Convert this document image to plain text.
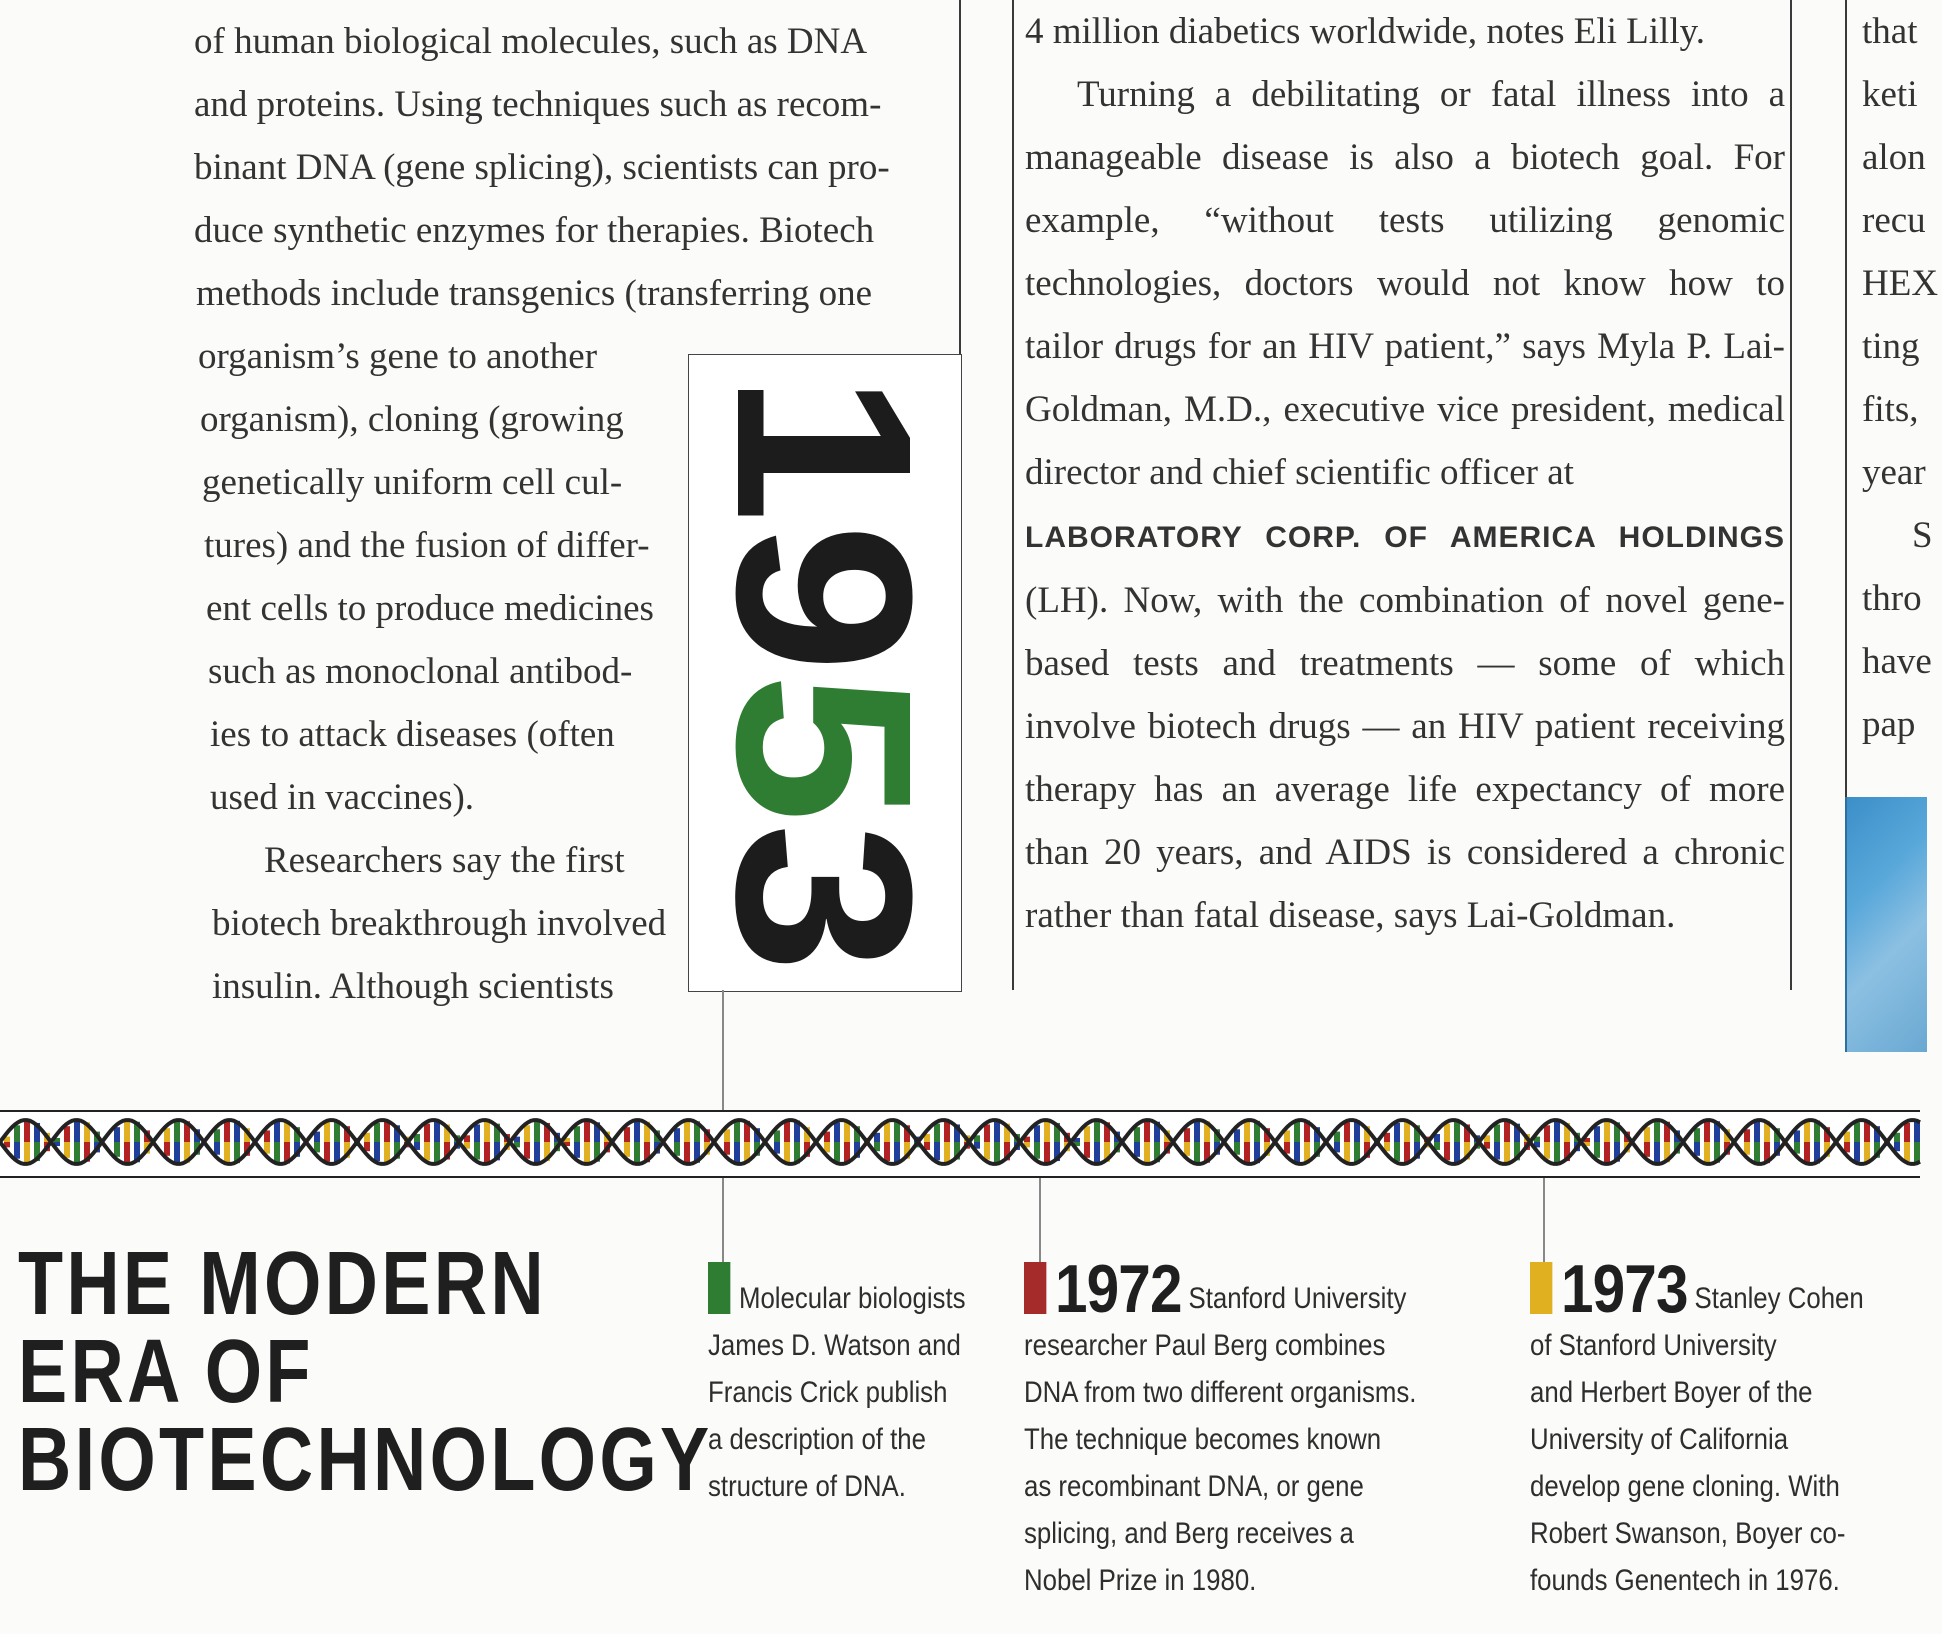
of human biological molecules, such as DNA

and proteins. Using techniques such as recom-

binant DNA (gene splicing), scientists can pro-

duce synthetic enzymes for therapies. Biotech

methods include transgenics (transferring one

organism’s gene to another

organism), cloning (growing

genetically uniform cell cul-

tures) and the fusion of differ-

ent cells to produce medicines

such as monoclonal antibod-

ies to attack diseases (often

used in vaccines).

Researchers say the first

biotech breakthrough involved

insulin. Although scientists

1953

4 million diabetics worldwide, notes Eli Lilly.

Turning a debilitating or fatal illness into a manageable disease is also a biotech goal. For example, “without tests utilizing genomic technologies, doctors would not know how to tailor drugs for an HIV patient,” says Myla P. Lai-Goldman, M.D., executive vice president, medical director and chief scientific officer at
LABORATORY CORP. OF AMERICA HOLDINGS (LH). Now, with the combination of novel gene-based tests and treatments — some of which involve biotech drugs — an HIV patient receiving therapy has an average life expectancy of more than 20 years, and AIDS is considered a chronic rather than fatal disease, says Lai-Goldman.

that
keti
alon
recu
HEX
ting
fits,
year
S
thro
have
pap
THE MODERN
ERA OF
BIOTECHNOLOGY
Molecular biologists
James D. Watson and
Francis Crick publish
a description of the
structure of DNA.
1972 Stanford University
researcher Paul Berg combines
DNA from two different organisms.
The technique becomes known
as recombinant DNA, or gene
splicing, and Berg receives a
Nobel Prize in 1980.
1973 Stanley Cohen
of Stanford University
and Herbert Boyer of the
University of California
develop gene cloning. With
Robert Swanson, Boyer co-
founds Genentech in 1976.
